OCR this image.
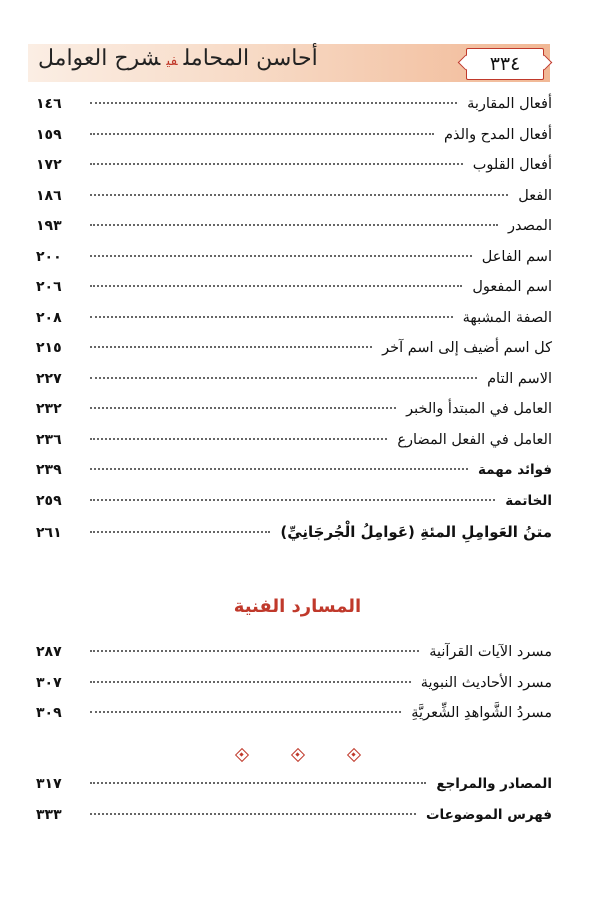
أحاسن المحاملفيشرح العوامل	٣٣٤
أفعال المقاربة
١٤٦
أفعال المدح والذم
١٥٩
أفعال القلوب
١٧٢
الفعل
١٨٦
المصدر
١٩٣
اسم الفاعل
٢٠٠
اسم المفعول
٢٠٦
الصفة المشبهة
٢٠٨
كل اسم أضيف إلى اسم آخر
٢١٥
الاسم التام
٢٢٧
العامل في المبتدأ والخبر
٢٣٢
العامل في الفعل المضارع
٢٣٦
فوائد مهمة
٢٣٩
الخاتمة
٢٥٩
متنُ العَوامِلِ المئةِ (عَوامِلُ الْجُرجَانِيِّ)
٢٦١
المسارد الفنية
مسرد الآيات القرآنية
٢٨٧
مسرد الأحاديث النبوية
٣٠٧
مسردُ الشَّواهدِ الشِّعريَّةِ
٣٠٩
المصادر والمراجع
٣١٧
فهرس الموضوعات
٣٣٣
